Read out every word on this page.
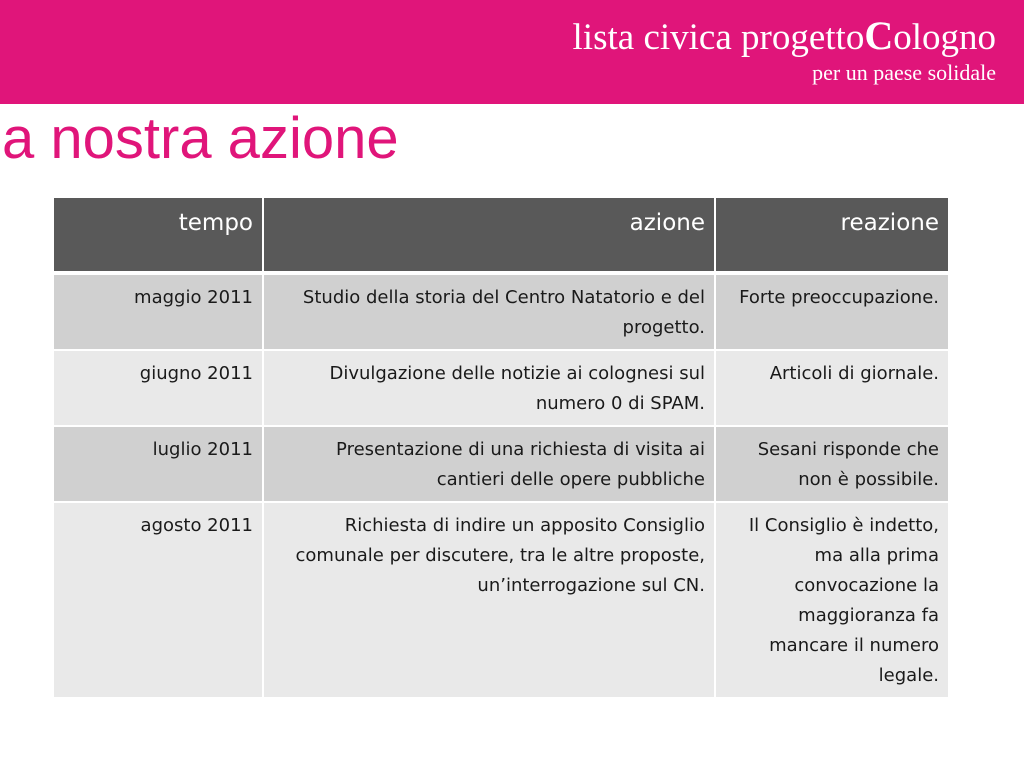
lista civica progettoCologno
per un paese solidale
a nostra azione
tempo	azione	reazione
maggio 2011	Studio della storia del Centro Natatorio e del progetto.	Forte preoccupazione.
giugno 2011	Divulgazione delle notizie ai colognesi sul numero 0 di SPAM.	Articoli di giornale.
luglio 2011	Presentazione di una richiesta di visita ai cantieri delle opere pubbliche	Sesani risponde che non è possibile.
agosto 2011	Richiesta di indire un apposito Consiglio comunale per discutere, tra le altre proposte, un’interrogazione sul CN.	Il Consiglio è indetto, ma alla prima convocazione la maggioranza fa mancare il numero legale.
